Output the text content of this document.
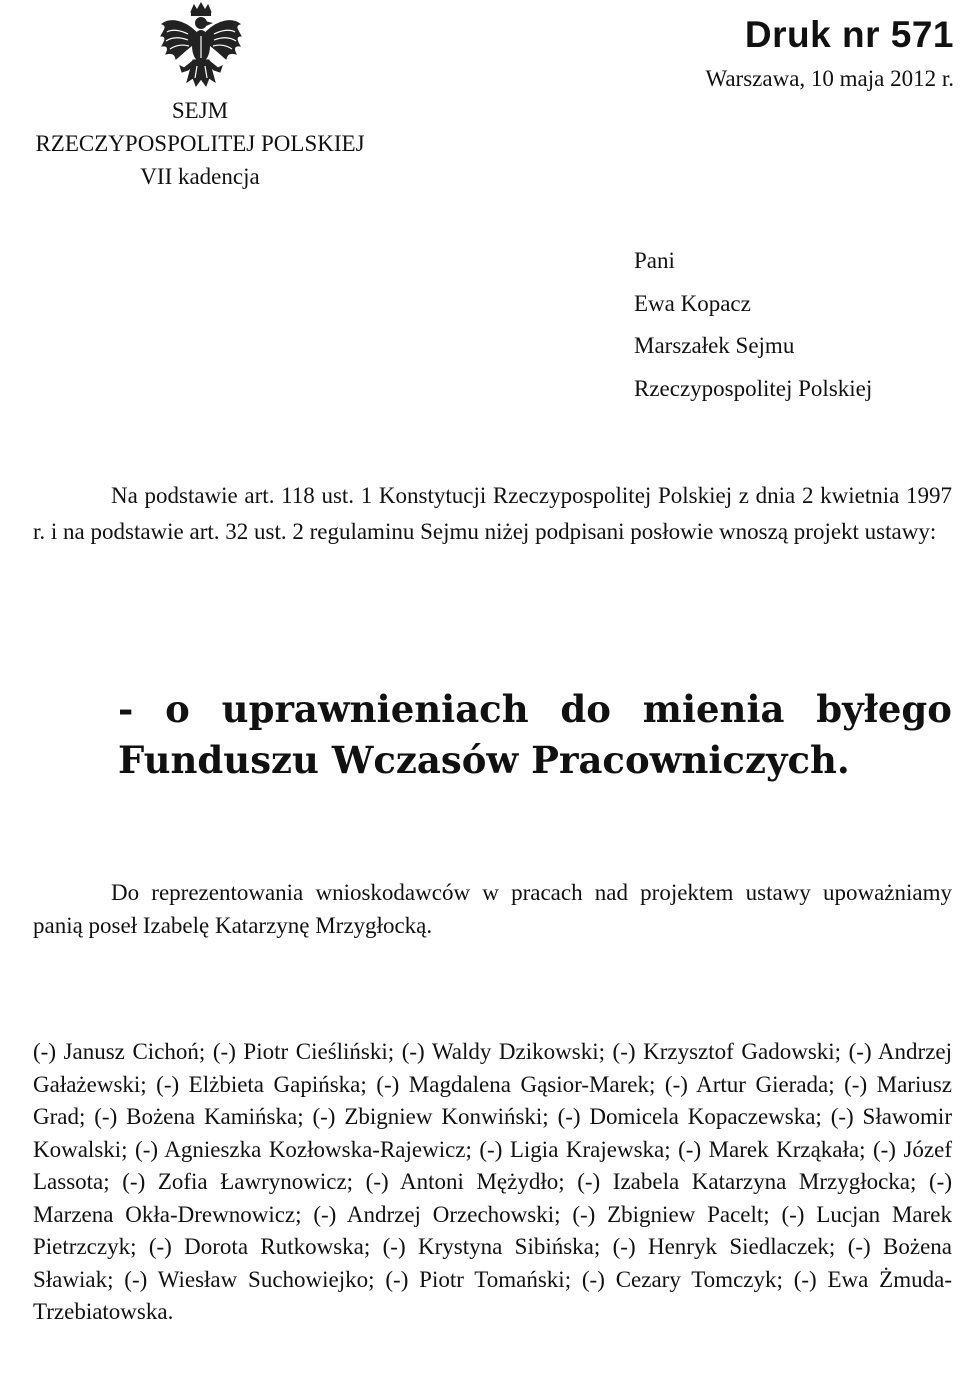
SEJM
RZECZYPOSPOLITEJ POLSKIEJ
VII kadencja
Druk nr 571
Warszawa, 10 maja 2012 r.
Pani
Ewa Kopacz
Marszałek Sejmu
Rzeczypospolitej Polskiej

Na podstawie art. 118 ust. 1 Konstytucji Rzeczypospolitej Polskiej z dnia 2 kwietnia 1997 r. i na podstawie art. 32 ust. 2 regulaminu Sejmu niżej podpisani posłowie wnoszą projekt ustawy:

- o uprawnieniach do mienia byłego Funduszu Wczasów Pracowniczych.

Do reprezentowania wnioskodawców w pracach nad projektem ustawy upoważniamy panią poseł Izabelę Katarzynę Mrzygłocką.

(-) Janusz Cichoń; (-) Piotr Cieśliński; (-) Waldy Dzikowski; (-) Krzysztof Gadowski; (-) Andrzej Gałażewski; (-) Elżbieta Gapińska; (-) Magdalena Gąsior-Marek; (-) Artur Gierada; (-) Mariusz Grad; (-) Bożena Kamińska; (-) Zbigniew Konwiński; (-) Domicela Kopaczewska; (-) Sławomir Kowalski; (-) Agnieszka Kozłowska-Rajewicz; (-) Ligia Krajewska; (-) Marek Krząkała; (-) Józef Lassota; (-) Zofia Ławrynowicz; (-) Antoni Mężydło; (-) Izabela Katarzyna Mrzygłocka; (-) Marzena Okła-Drewnowicz; (-) Andrzej Orzechowski; (-) Zbigniew Pacelt; (-) Lucjan Marek Pietrzczyk; (-) Dorota Rutkowska; (-) Krystyna Sibińska; (-) Henryk Siedlaczek; (-) Bożena Sławiak; (-) Wiesław Suchowiejko; (-) Piotr Tomański; (-) Cezary Tomczyk; (-) Ewa Żmuda-Trzebiatowska.
